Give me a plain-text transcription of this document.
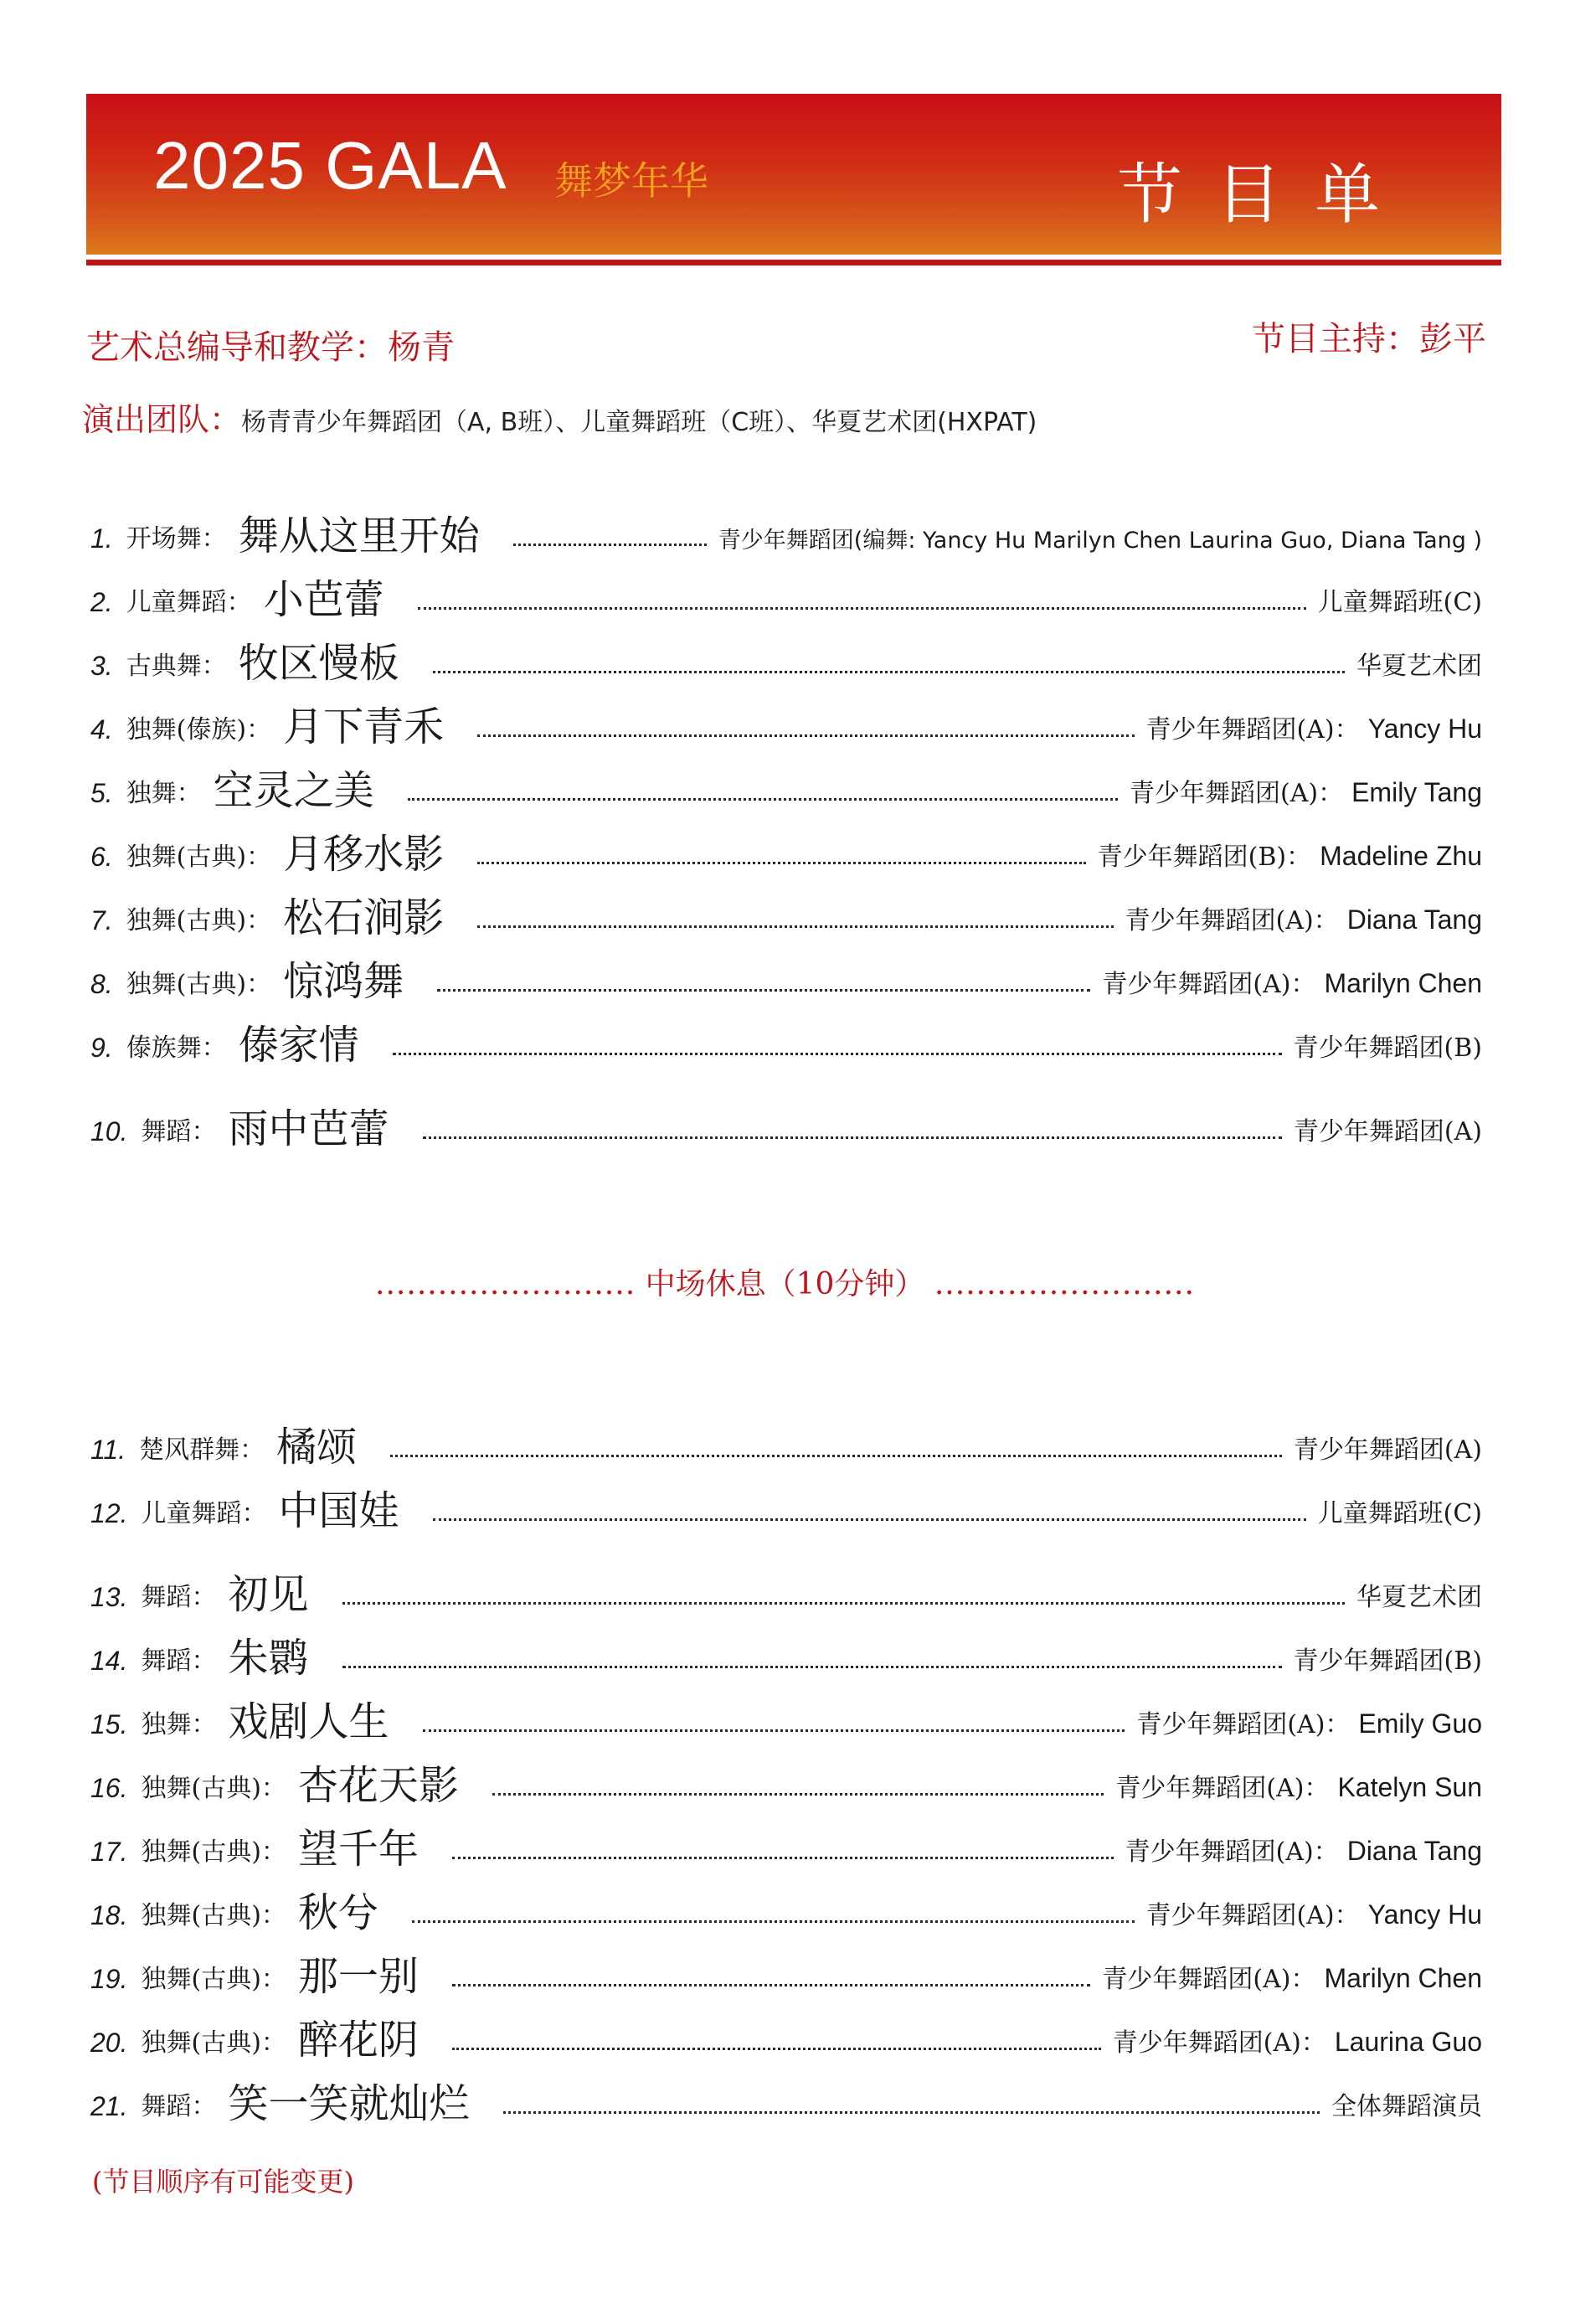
2025 GALA 舞梦年华	节目单
艺术总编导和教学：杨青	节目主持：彭平
演出团队：杨青青少年舞蹈团（A, B班）、儿童舞蹈班（C班）、华夏艺术团(HXPAT)
1. 开场舞： 舞从这里开始	青少年舞蹈团(编舞: Yancy Hu Marilyn Chen Laurina Guo, Diana Tang )
2. 儿童舞蹈： 小芭蕾	儿童舞蹈班(C)
3. 古典舞： 牧区慢板	华夏艺术团
4. 独舞(傣族)： 月下青禾	青少年舞蹈团(A)： Yancy Hu
5. 独舞： 空灵之美	青少年舞蹈团(A)： Emily Tang
6. 独舞(古典)： 月移水影	青少年舞蹈团(B)： Madeline Zhu
7. 独舞(古典)： 松石涧影	青少年舞蹈团(A)： Diana Tang
8. 独舞(古典)： 惊鸿舞	青少年舞蹈团(A)： Marilyn Chen
9. 傣族舞： 傣家情	青少年舞蹈团(B)
10. 舞蹈： 雨中芭蕾	青少年舞蹈团(A)
11. 楚风群舞： 橘颂	青少年舞蹈团(A)
12. 儿童舞蹈： 中国娃	儿童舞蹈班(C)
13. 舞蹈： 初见	华夏艺术团
14. 舞蹈： 朱鹮	青少年舞蹈团(B)
15. 独舞： 戏剧人生	青少年舞蹈团(A)： Emily Guo
16. 独舞(古典)： 杏花天影	青少年舞蹈团(A)： Katelyn Sun
17. 独舞(古典)： 望千年	青少年舞蹈团(A)： Diana Tang
18. 独舞(古典)： 秋兮	青少年舞蹈团(A)： Yancy Hu
19. 独舞(古典)： 那一别	青少年舞蹈团(A)： Marilyn Chen
20. 独舞(古典)： 醉花阴	青少年舞蹈团(A)： Laurina Guo
21. 舞蹈： 笑一笑就灿烂	全体舞蹈演员
......................... 中场休息（10分钟） .........................
(节目顺序有可能变更)
